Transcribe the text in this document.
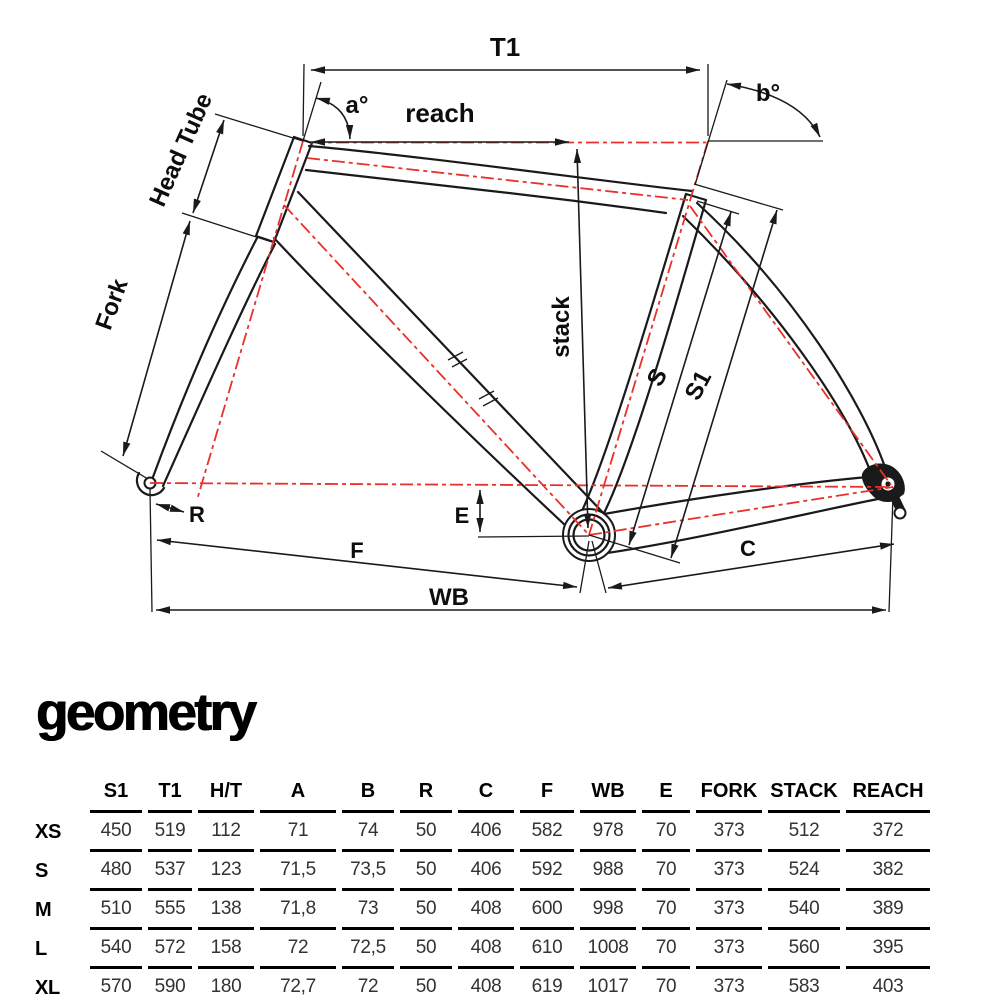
T1
a° reach
b°
Head Tube
Fork	stack
S S1
R	E
F	C
WB
geometry
	S1	T1	H/T	A	B	R	C	F	WB	E	FORK	STACK	REACH
XS	450	519	112	71	74	50	406	582	978	70	373	512	372
S	480	537	123	71,5	73,5	50	406	592	988	70	373	524	382
M	510	555	138	71,8	73	50	408	600	998	70	373	540	389
L	540	572	158	72	72,5	50	408	610	1008	70	373	560	395
XL	570	590	180	72,7	72	50	408	619	1017	70	373	583	403
